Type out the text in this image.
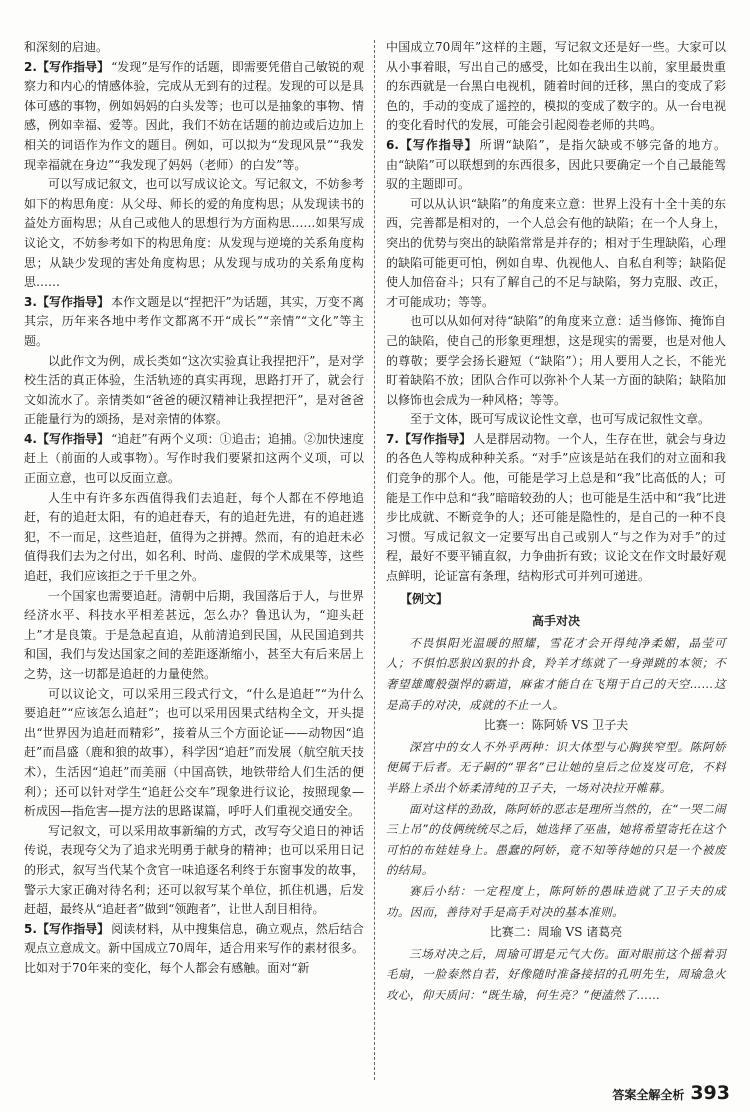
和深刻的启迪。

2.【写作指导】 “发现”是写作的话题，即需要凭借自己敏锐的观察力和内心的情感体验，完成从无到有的过程。发现的可以是具体可感的事物，例如妈妈的白头发等；也可以是抽象的事物、情感，例如幸福、爱等。因此，我们不妨在话题的前边或后边加上相关的词语作为作文的题目。例如，可以拟为“发现风景”“我发现幸福就在身边”“我发现了妈妈（老师）的白发”等。

可以写成记叙文，也可以写成议论文。写记叙文，不妨参考如下的构思角度：从父母、师长的爱的角度构思；从发现读书的益处方面构思；从自己或他人的思想行为方面构思……如果写成议论文，不妨参考如下的构思角度：从发现与逆境的关系角度构思；从缺少发现的害处角度构思；从发现与成功的关系角度构思……

3.【写作指导】 本作文题是以“捏把汗”为话题，其实，万变不离其宗，历年来各地中考作文都离不开“成长”“亲情”“文化”等主题。

以此作文为例，成长类如“这次实验真让我捏把汗”，是对学校生活的真正体验，生活轨迹的真实再现，思路打开了，就会行文如流水了。亲情类如“爸爸的硬汉精神让我捏把汗”，是对爸爸正能量行为的颂扬，是对亲情的体察。

4.【写作指导】 “追赶”有两个义项：①追击；追捕。②加快速度赶上（前面的人或事物）。写作时我们要紧扣这两个义项，可以正面立意，也可以反面立意。

人生中有许多东西值得我们去追赶，每个人都在不停地追赶，有的追赶太阳，有的追赶春天，有的追赶先进，有的追赶逃犯，不一而足，这些追赶，值得为之拼搏。然而，有的追赶未必值得我们去为之付出，如名利、时尚、虚假的学术成果等，这些追赶，我们应该拒之于千里之外。

一个国家也需要追赶。清朝中后期，我国落后于人，与世界经济水平、科技水平相差甚远，怎么办？鲁迅认为，“迎头赶上”才是良策。于是急起直追，从前清追到民国，从民国追到共和国，我们与发达国家之间的差距逐渐缩小，甚至大有后来居上之势，这一切都是追赶的力量使然。

可以议论文，可以采用三段式行文，“什么是追赶”“为什么要追赶”“应该怎么追赶”；也可以采用因果式结构全文，开头提出“世界因为追赶而精彩”，接着从三个方面论证——动物因“追赶”而昌盛（鹿和狼的故事），科学因“追赶”而发展（航空航天技术），生活因“追赶”而美丽（中国高铁，地铁带给人们生活的便利）；还可以针对学生“追赶公交车”现象进行议论，按照现象—析成因—指危害—提方法的思路谋篇，呼吁人们重视交通安全。

写记叙文，可以采用故事新编的方式，改写夸父追日的神话传说，表现夸父为了追求光明勇于献身的精神；也可以采用日记的形式，叙写当代某个贪官一味追逐名利终于东窗事发的故事，警示大家正确对待名利；还可以叙写某个单位，抓住机遇，后发赶超，最终从“追赶者”做到“领跑者”，让世人刮目相待。

5.【写作指导】 阅读材料，从中搜集信息，确立观点，然后结合观点立意成文。新中国成立70周年，适合用来写作的素材很多。比如对于70年来的变化，每个人都会有感触。面对“新

中国成立70周年”这样的主题，写记叙文还是好一些。大家可以从小事着眼，写出自己的感受，比如在我出生以前，家里最贵重的东西就是一台黑白电视机，随着时间的迁移，黑白的变成了彩色的，手动的变成了遥控的，模拟的变成了数字的。从一台电视的变化看时代的发展，可能会引起阅卷老师的共鸣。

6.【写作指导】 所谓“缺陷”，是指欠缺或不够完备的地方。由“缺陷”可以联想到的东西很多，因此只要确定一个自己最能驾驭的主题即可。

可以从认识“缺陷”的角度来立意：世界上没有十全十美的东西，完善都是相对的，一个人总会有他的缺陷；在一个人身上，突出的优势与突出的缺陷常常是并存的；相对于生理缺陷，心理的缺陷可能更可怕，例如自卑、仇视他人、自私自利等；缺陷促使人加倍奋斗；只有了解自己的不足与缺陷，努力克服、改正，才可能成功；等等。

也可以从如何对待“缺陷”的角度来立意：适当修饰、掩饰自己的缺陷，使自己的形象更理想，这是现实的需要，也是对他人的尊敬；要学会扬长避短（“缺陷”）；用人要用人之长，不能光盯着缺陷不放；团队合作可以弥补个人某一方面的缺陷；缺陷加以修饰也会成为一种风格；等等。

至于文体，既可写成议论性文章，也可写成记叙性文章。

7.【写作指导】 人是群居动物。一个人，生存在世，就会与身边的各色人等构成种种关系。“对手”应该是站在我们的对立面和我们竞争的那个人。他，可能是学习上总是和“我”比高低的人；可能是工作中总和“我”暗暗较劲的人；也可能是生活中和“我”比进步比成就、不断竞争的人；还可能是隐性的，是自己的一种不良习惯。写成记叙文一定要写出自己或别人“与之作为对手”的过程，最好不要平铺直叙，力争曲折有致；议论文在作文时最好观点鲜明，论证富有条理，结构形式可并列可递进。

【例文】

高手对决

不畏惧阳光温暖的照耀，雪花才会开得纯净柔媚，晶莹可人；不惧怕恶狼凶狠的扑食，羚羊才练就了一身弹跳的本领；不奢望雄鹰般强悍的霸道，麻雀才能自在飞翔于自己的天空……这是高手的对决，成就的不止一人。

比赛一：陈阿娇 VS 卫子夫

深宫中的女人不外乎两种：识大体型与心胸狭窄型。陈阿娇便属于后者。无子嗣的“罪名”已让她的皇后之位岌岌可危，不料半路上杀出个娇柔清纯的卫子夫，一场对决拉开帷幕。

面对这样的劲敌，陈阿娇的恶志是理所当然的，在“一哭二闹三上吊”的伎俩统统尽之后，她选择了巫蛊，她将希望寄托在这个可怕的布娃娃身上。愚蠢的阿娇，竟不知等待她的只是一个被废的结局。

赛后小结：一定程度上，陈阿娇的愚昧造就了卫子夫的成功。因而，善待对手是高手对决的基本准则。

比赛二：周瑜 VS 诸葛亮

三场对决之后，周瑜可谓是元气大伤。面对眼前这个摇着羽毛扇，一脸泰然自若，好像随时准备接招的孔明先生，周瑜急火攻心，仰天质问：“既生瑜，何生亮？”便溘然了……

答案全解全析 393
